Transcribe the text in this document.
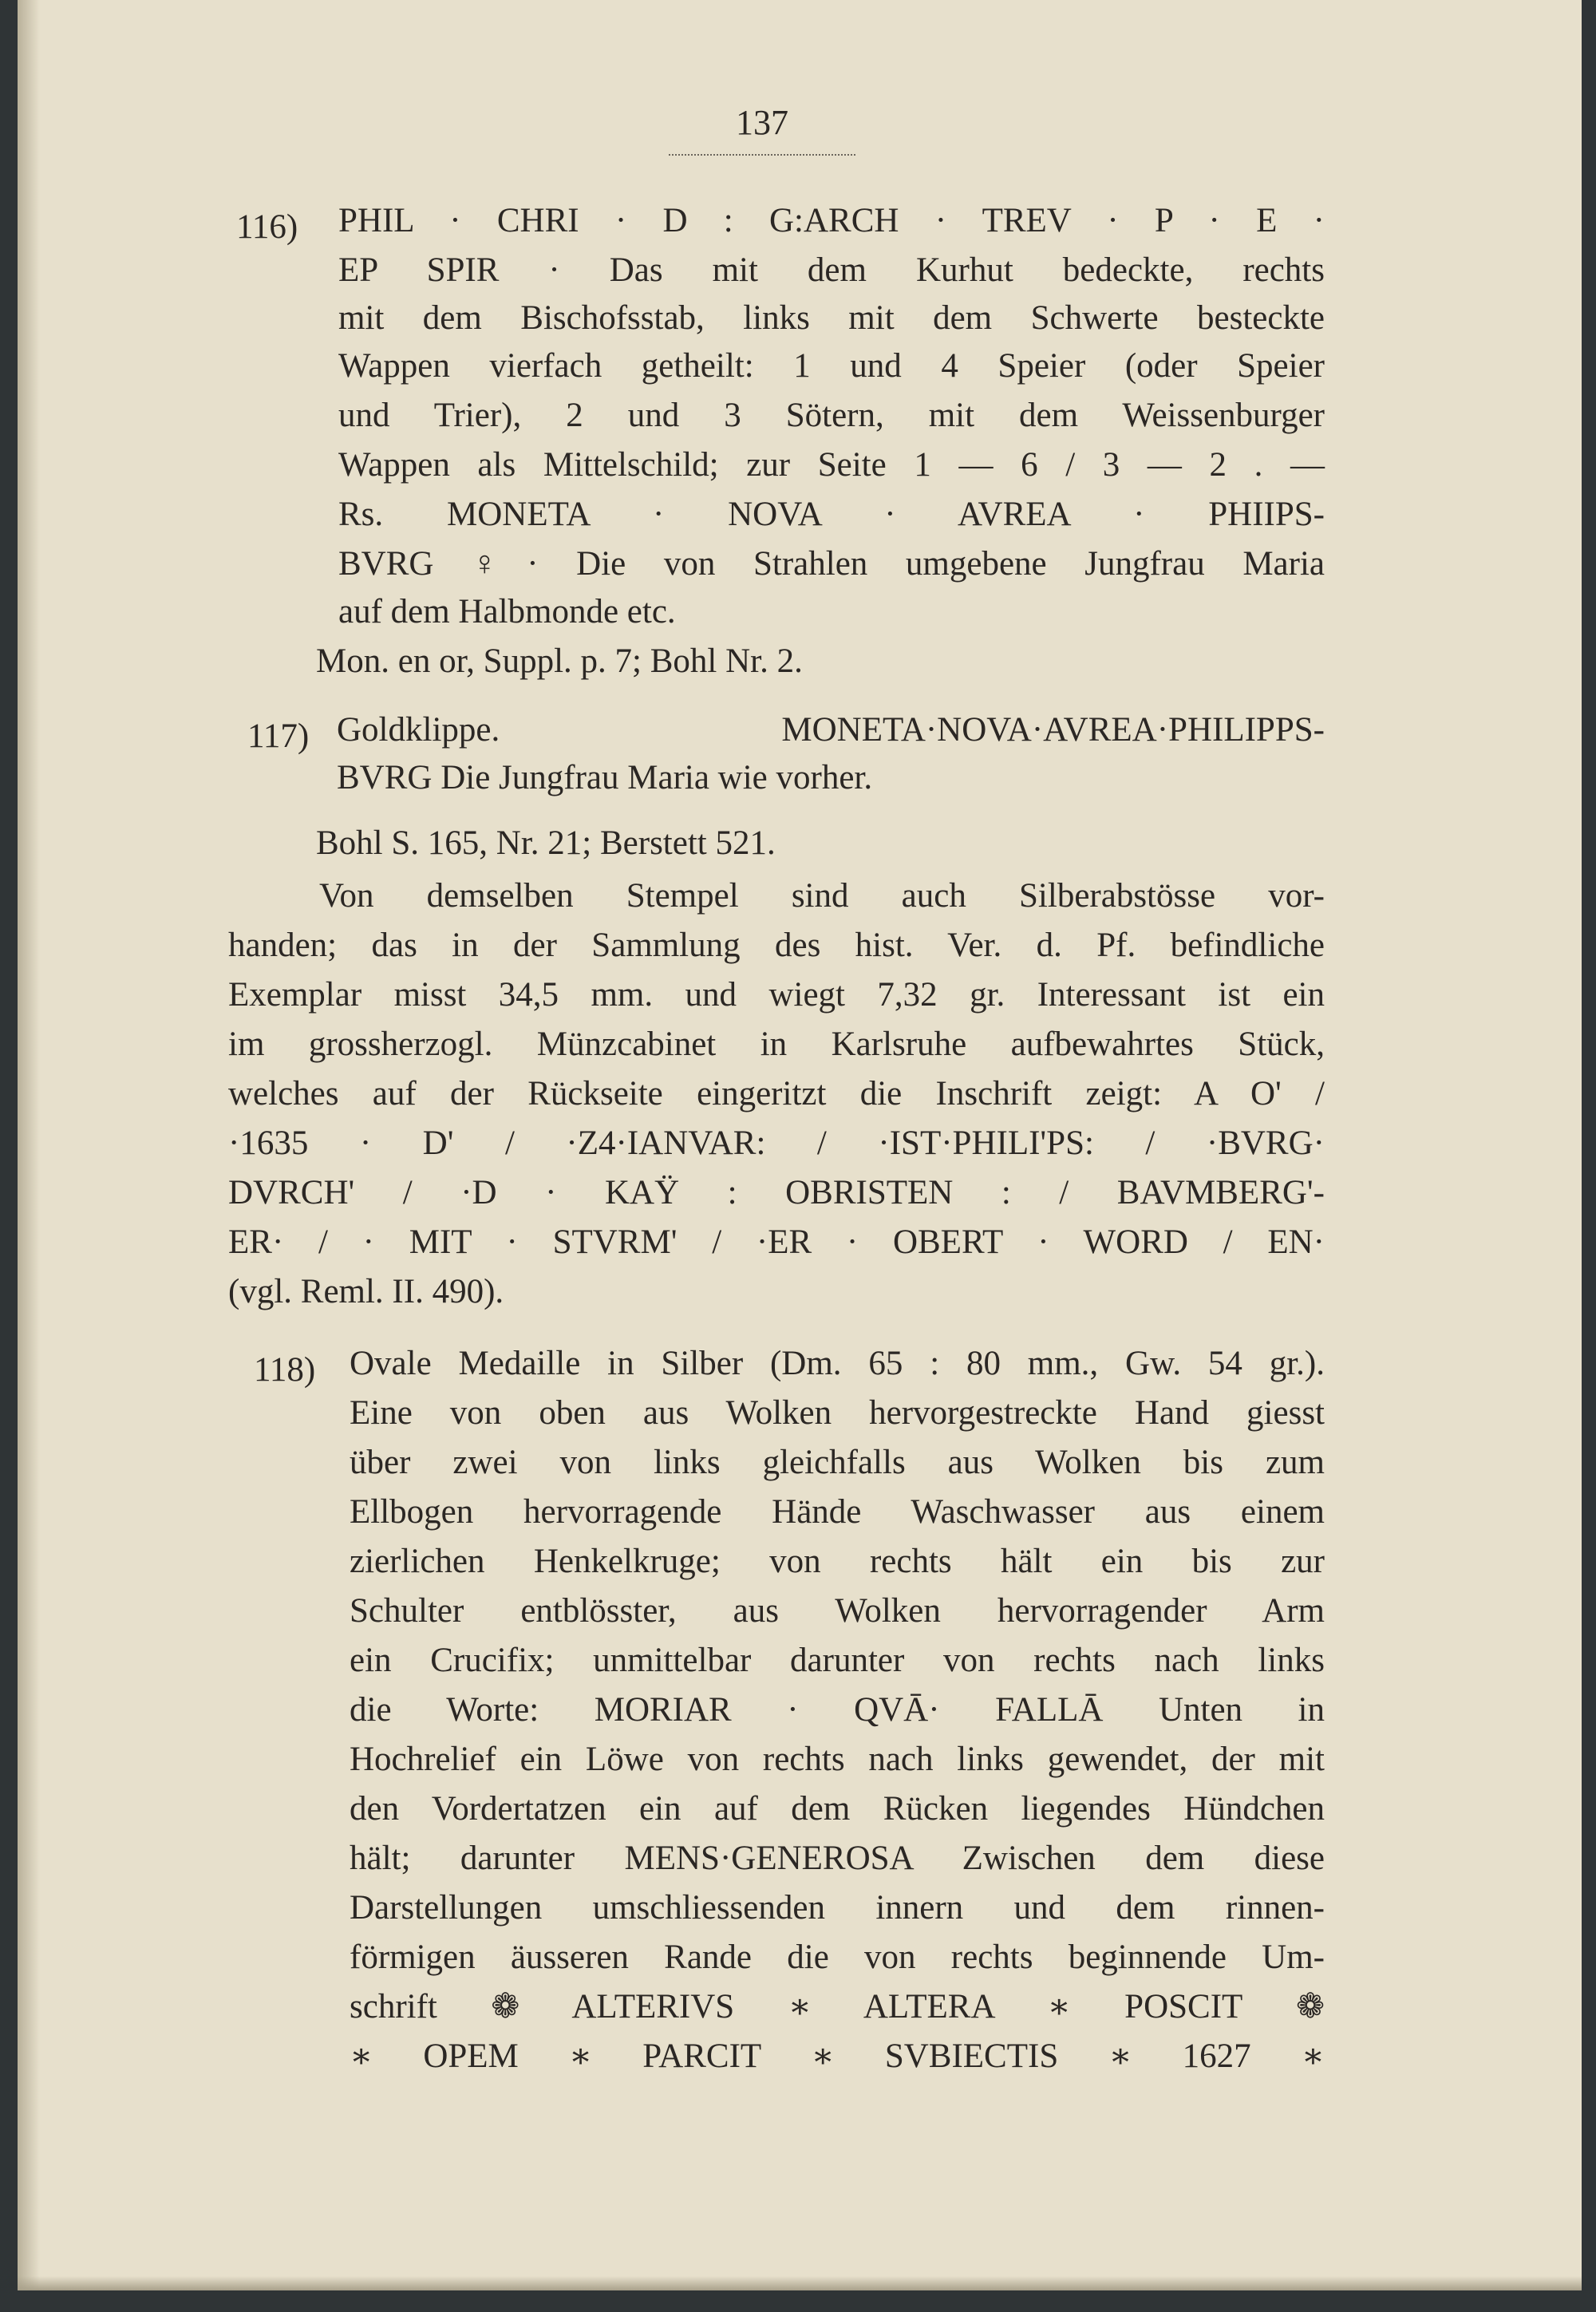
137
116) PHIL · CHRI · D : G:ARCH · TREV · P · E ·
EP SPIR · Das mit dem Kurhut bedeckte, rechts
mit dem Bischofsstab, links mit dem Schwerte besteckte
Wappen vierfach getheilt: 1 und 4 Speier (oder Speier
und Trier), 2 und 3 Sötern, mit dem Weissenburger
Wappen als Mittelschild; zur Seite 1 — 6 / 3 — 2 . —
Rs. MONETA · NOVA · AVREA · PHIIPS-
BVRG ♀· Die von Strahlen umgebene Jungfrau Maria
auf dem Halbmonde etc.
Mon. en or, Suppl. p. 7; Bohl Nr. 2.
117) Goldklippe. MONETA·NOVA·AVREA·PHILIPPS-
BVRG Die Jungfrau Maria wie vorher.
Bohl S. 165, Nr. 21; Berstett 521.
Von demselben Stempel sind auch Silberabstösse vor-
handen; das in der Sammlung des hist. Ver. d. Pf. befindliche
Exemplar misst 34,5 mm. und wiegt 7,32 gr. Interessant ist ein
im grossherzogl. Münzcabinet in Karlsruhe aufbewahrtes Stück,
welches auf der Rückseite eingeritzt die Inschrift zeigt: A O' /
·1635 · D' / ·Z4·IANVAR: / ·IST·PHILI'PS: / ·BVRG·
DVRCH' / ·D · KAŸ : OBRISTEN : / BAVMBERG'-
ER· / · MIT · STVRM' / ·ER · OBERT · WORD / EN·
(vgl. Reml. II. 490).
118) Ovale Medaille in Silber (Dm. 65 : 80 mm., Gw. 54 gr.).
Eine von oben aus Wolken hervorgestreckte Hand giesst
über zwei von links gleichfalls aus Wolken bis zum
Ellbogen hervorragende Hände Waschwasser aus einem
zierlichen Henkelkruge; von rechts hält ein bis zur
Schulter entblösster, aus Wolken hervorragender Arm
ein Crucifix; unmittelbar darunter von rechts nach links
die Worte: MORIAR · QVĀ· FALLĀ Unten in
Hochrelief ein Löwe von rechts nach links gewendet, der mit
den Vordertatzen ein auf dem Rücken liegendes Hündchen
hält; darunter MENS·GENEROSA Zwischen dem diese
Darstellungen umschliessenden innern und dem rinnen-
förmigen äusseren Rande die von rechts beginnende Um-
schrift ❁ ALTERIVS ∗ ALTERA ∗ POSCIT ❁
∗ OPEM ∗ PARCIT ∗ SVBIECTIS ∗ 1627 ∗
